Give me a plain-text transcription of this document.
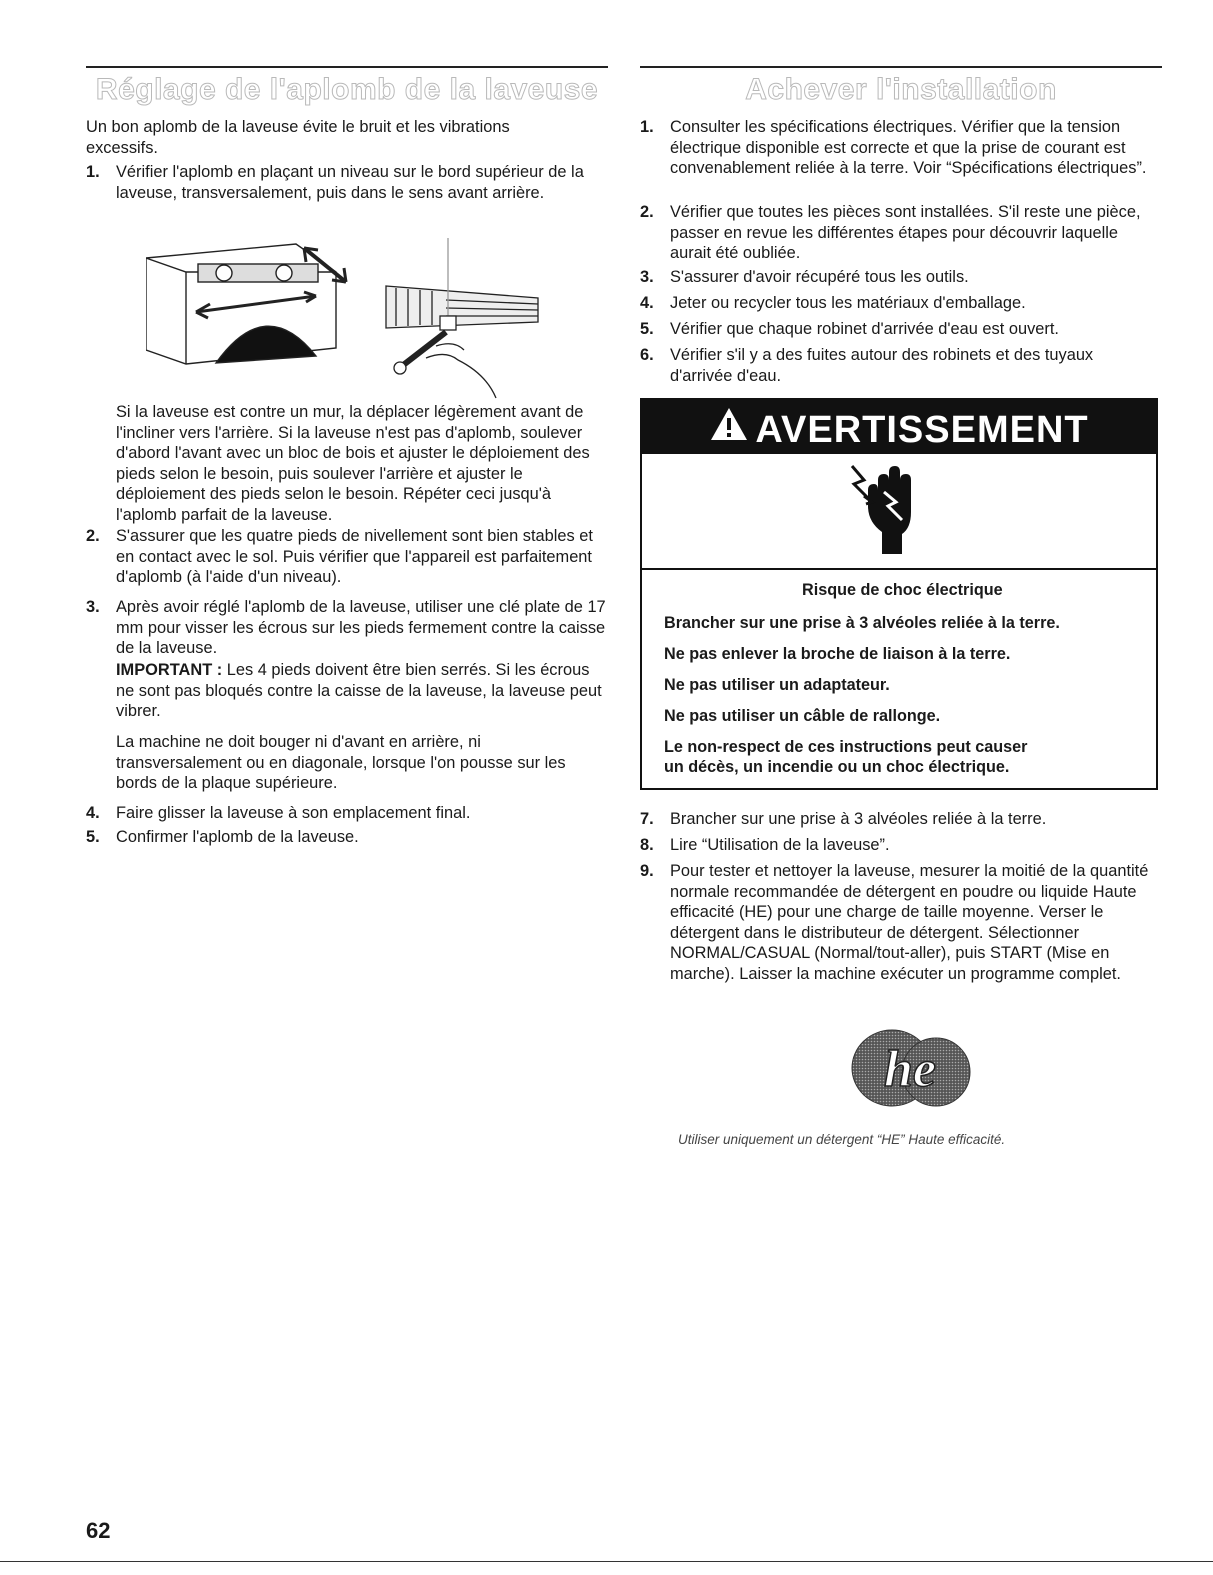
Réglage de l'aplomb de la laveuse

Un bon aplomb de la laveuse évite le bruit et les vibrations excessifs.

1. Vérifier l'aplomb en plaçant un niveau sur le bord supérieur de la laveuse, transversalement, puis dans le sens avant arrière.

Si la laveuse est contre un mur, la déplacer légèrement avant de l'incliner vers l'arrière. Si la laveuse n'est pas d'aplomb, soulever d'abord l'avant avec un bloc de bois et ajuster le déploiement des pieds selon le besoin, puis soulever l'arrière et ajuster le déploiement des pieds selon le besoin. Répéter ceci jusqu'à l'aplomb parfait de la laveuse.

2. S'assurer que les quatre pieds de nivellement sont bien stables et en contact avec le sol. Puis vérifier que l'appareil est parfaitement d'aplomb (à l'aide d'un niveau).

3. Après avoir réglé l'aplomb de la laveuse, utiliser une clé plate de 17 mm pour visser les écrous sur les pieds fermement contre la caisse de la laveuse.

IMPORTANT : Les 4 pieds doivent être bien serrés. Si les écrous ne sont pas bloqués contre la caisse de la laveuse, la laveuse peut vibrer.

La machine ne doit bouger ni d'avant en arrière, ni transversalement ou en diagonale, lorsque l'on pousse sur les bords de la plaque supérieure.

4. Faire glisser la laveuse à son emplacement final.

5. Confirmer l'aplomb de la laveuse.

Achever l'installation
1. Consulter les spécifications électriques. Vérifier que la tension électrique disponible est correcte et que la prise de courant est convenablement reliée à la terre. Voir “Spécifications électriques”.

2. Vérifier que toutes les pièces sont installées. S'il reste une pièce, passer en revue les différentes étapes pour découvrir laquelle aurait été oubliée.

3. S'assurer d'avoir récupéré tous les outils.

4. Jeter ou recycler tous les matériaux d'emballage.

5. Vérifier que chaque robinet d'arrivée d'eau est ouvert.

6. Vérifier s'il y a des fuites autour des robinets et des tuyaux d'arrivée d'eau.

AVERTISSEMENT

Risque de choc électrique

Brancher sur une prise à 3 alvéoles reliée à la terre.

Ne pas enlever la broche de liaison à la terre.

Ne pas utiliser un adaptateur.

Ne pas utiliser un câble de rallonge.

Le non-respect de ces instructions peut causer

un décès, un incendie ou un choc électrique.

7. Brancher sur une prise à 3 alvéoles reliée à la terre.

8. Lire “Utilisation de la laveuse”.

9. Pour tester et nettoyer la laveuse, mesurer la moitié de la quantité normale recommandée de détergent en poudre ou liquide Haute efficacité (HE) pour une charge de taille moyenne. Verser le détergent dans le distributeur de détergent. Sélectionner NORMAL/CASUAL (Normal/tout-aller), puis START (Mise en marche). Laisser la machine exécuter un programme complet.

he

Utiliser uniquement un détergent “HE” Haute efficacité.

62
